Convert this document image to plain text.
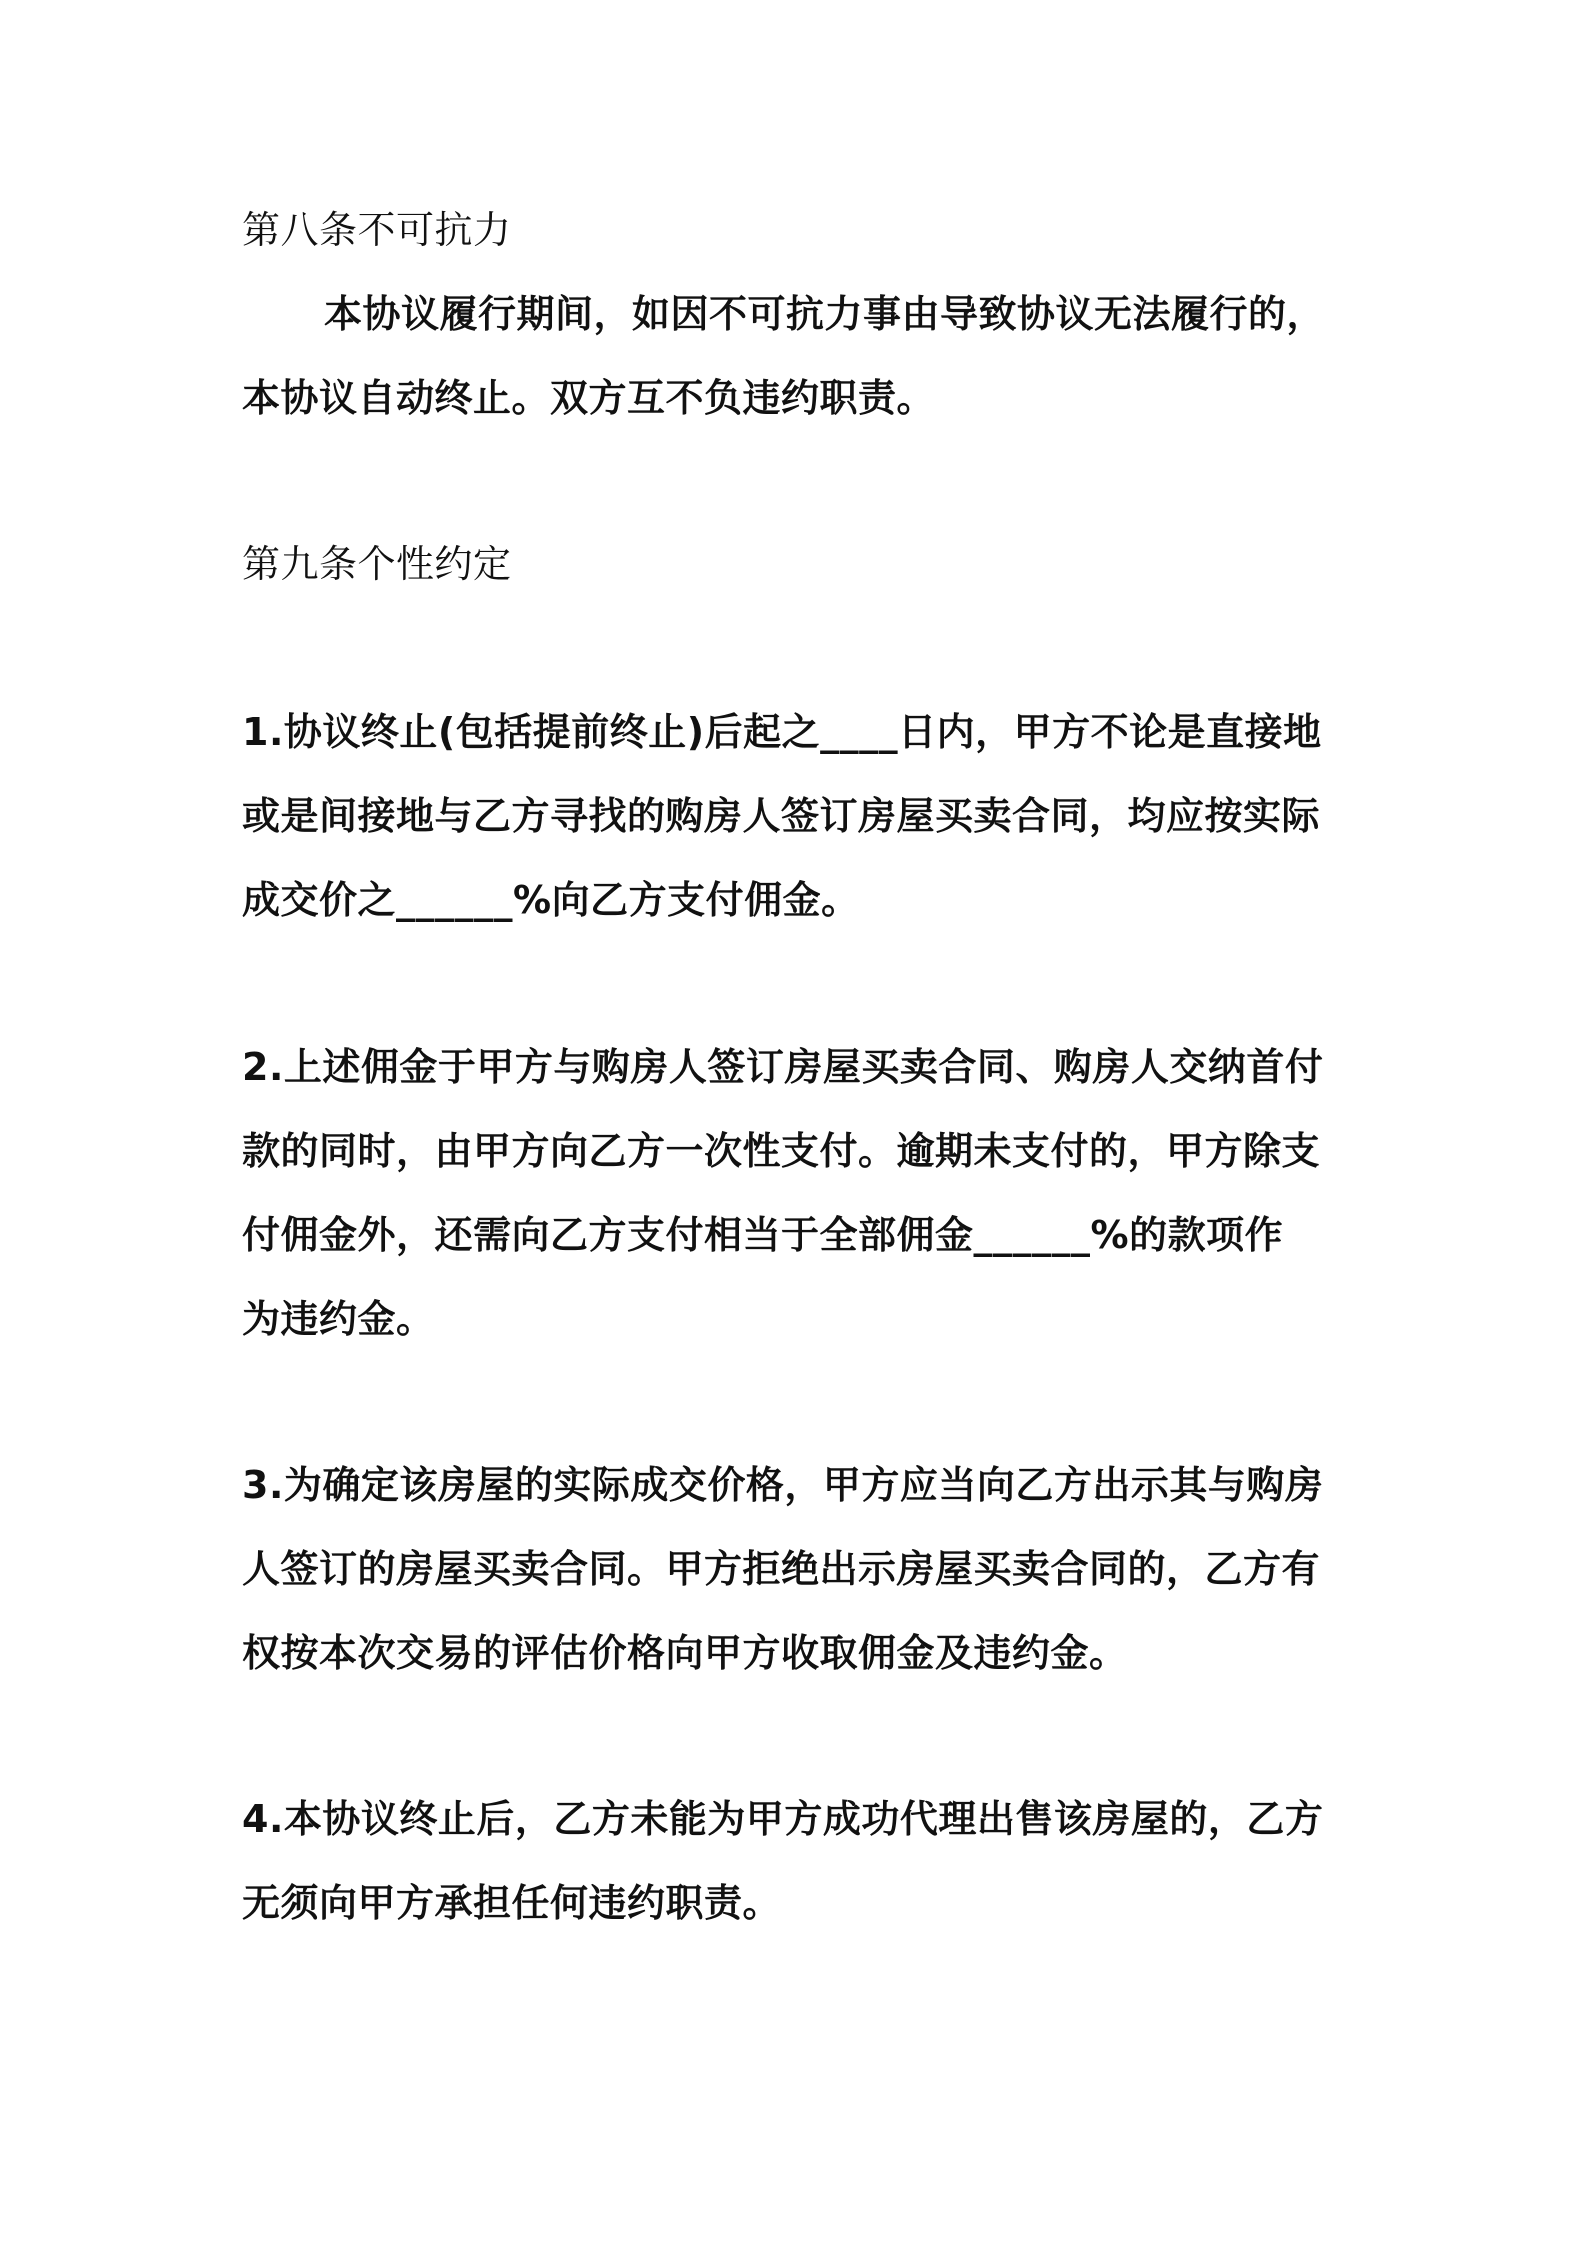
第八条不可抗力

本协议履行期间，如因不可抗力事由导致协议无法履行的，

本协议自动终止。双方互不负违约职责。

第九条个性约定

1.协议终止(包括提前终止)后起之____日内，甲方不论是直接地

或是间接地与乙方寻找的购房人签订房屋买卖合同，均应按实际

成交价之______%向乙方支付佣金。

2.上述佣金于甲方与购房人签订房屋买卖合同、购房人交纳首付

款的同时，由甲方向乙方一次性支付。逾期未支付的，甲方除支

付佣金外，还需向乙方支付相当于全部佣金______%的款项作

为违约金。

3.为确定该房屋的实际成交价格，甲方应当向乙方出示其与购房

人签订的房屋买卖合同。甲方拒绝出示房屋买卖合同的，乙方有

权按本次交易的评估价格向甲方收取佣金及违约金。

4.本协议终止后，乙方未能为甲方成功代理出售该房屋的，乙方

无须向甲方承担任何违约职责。
